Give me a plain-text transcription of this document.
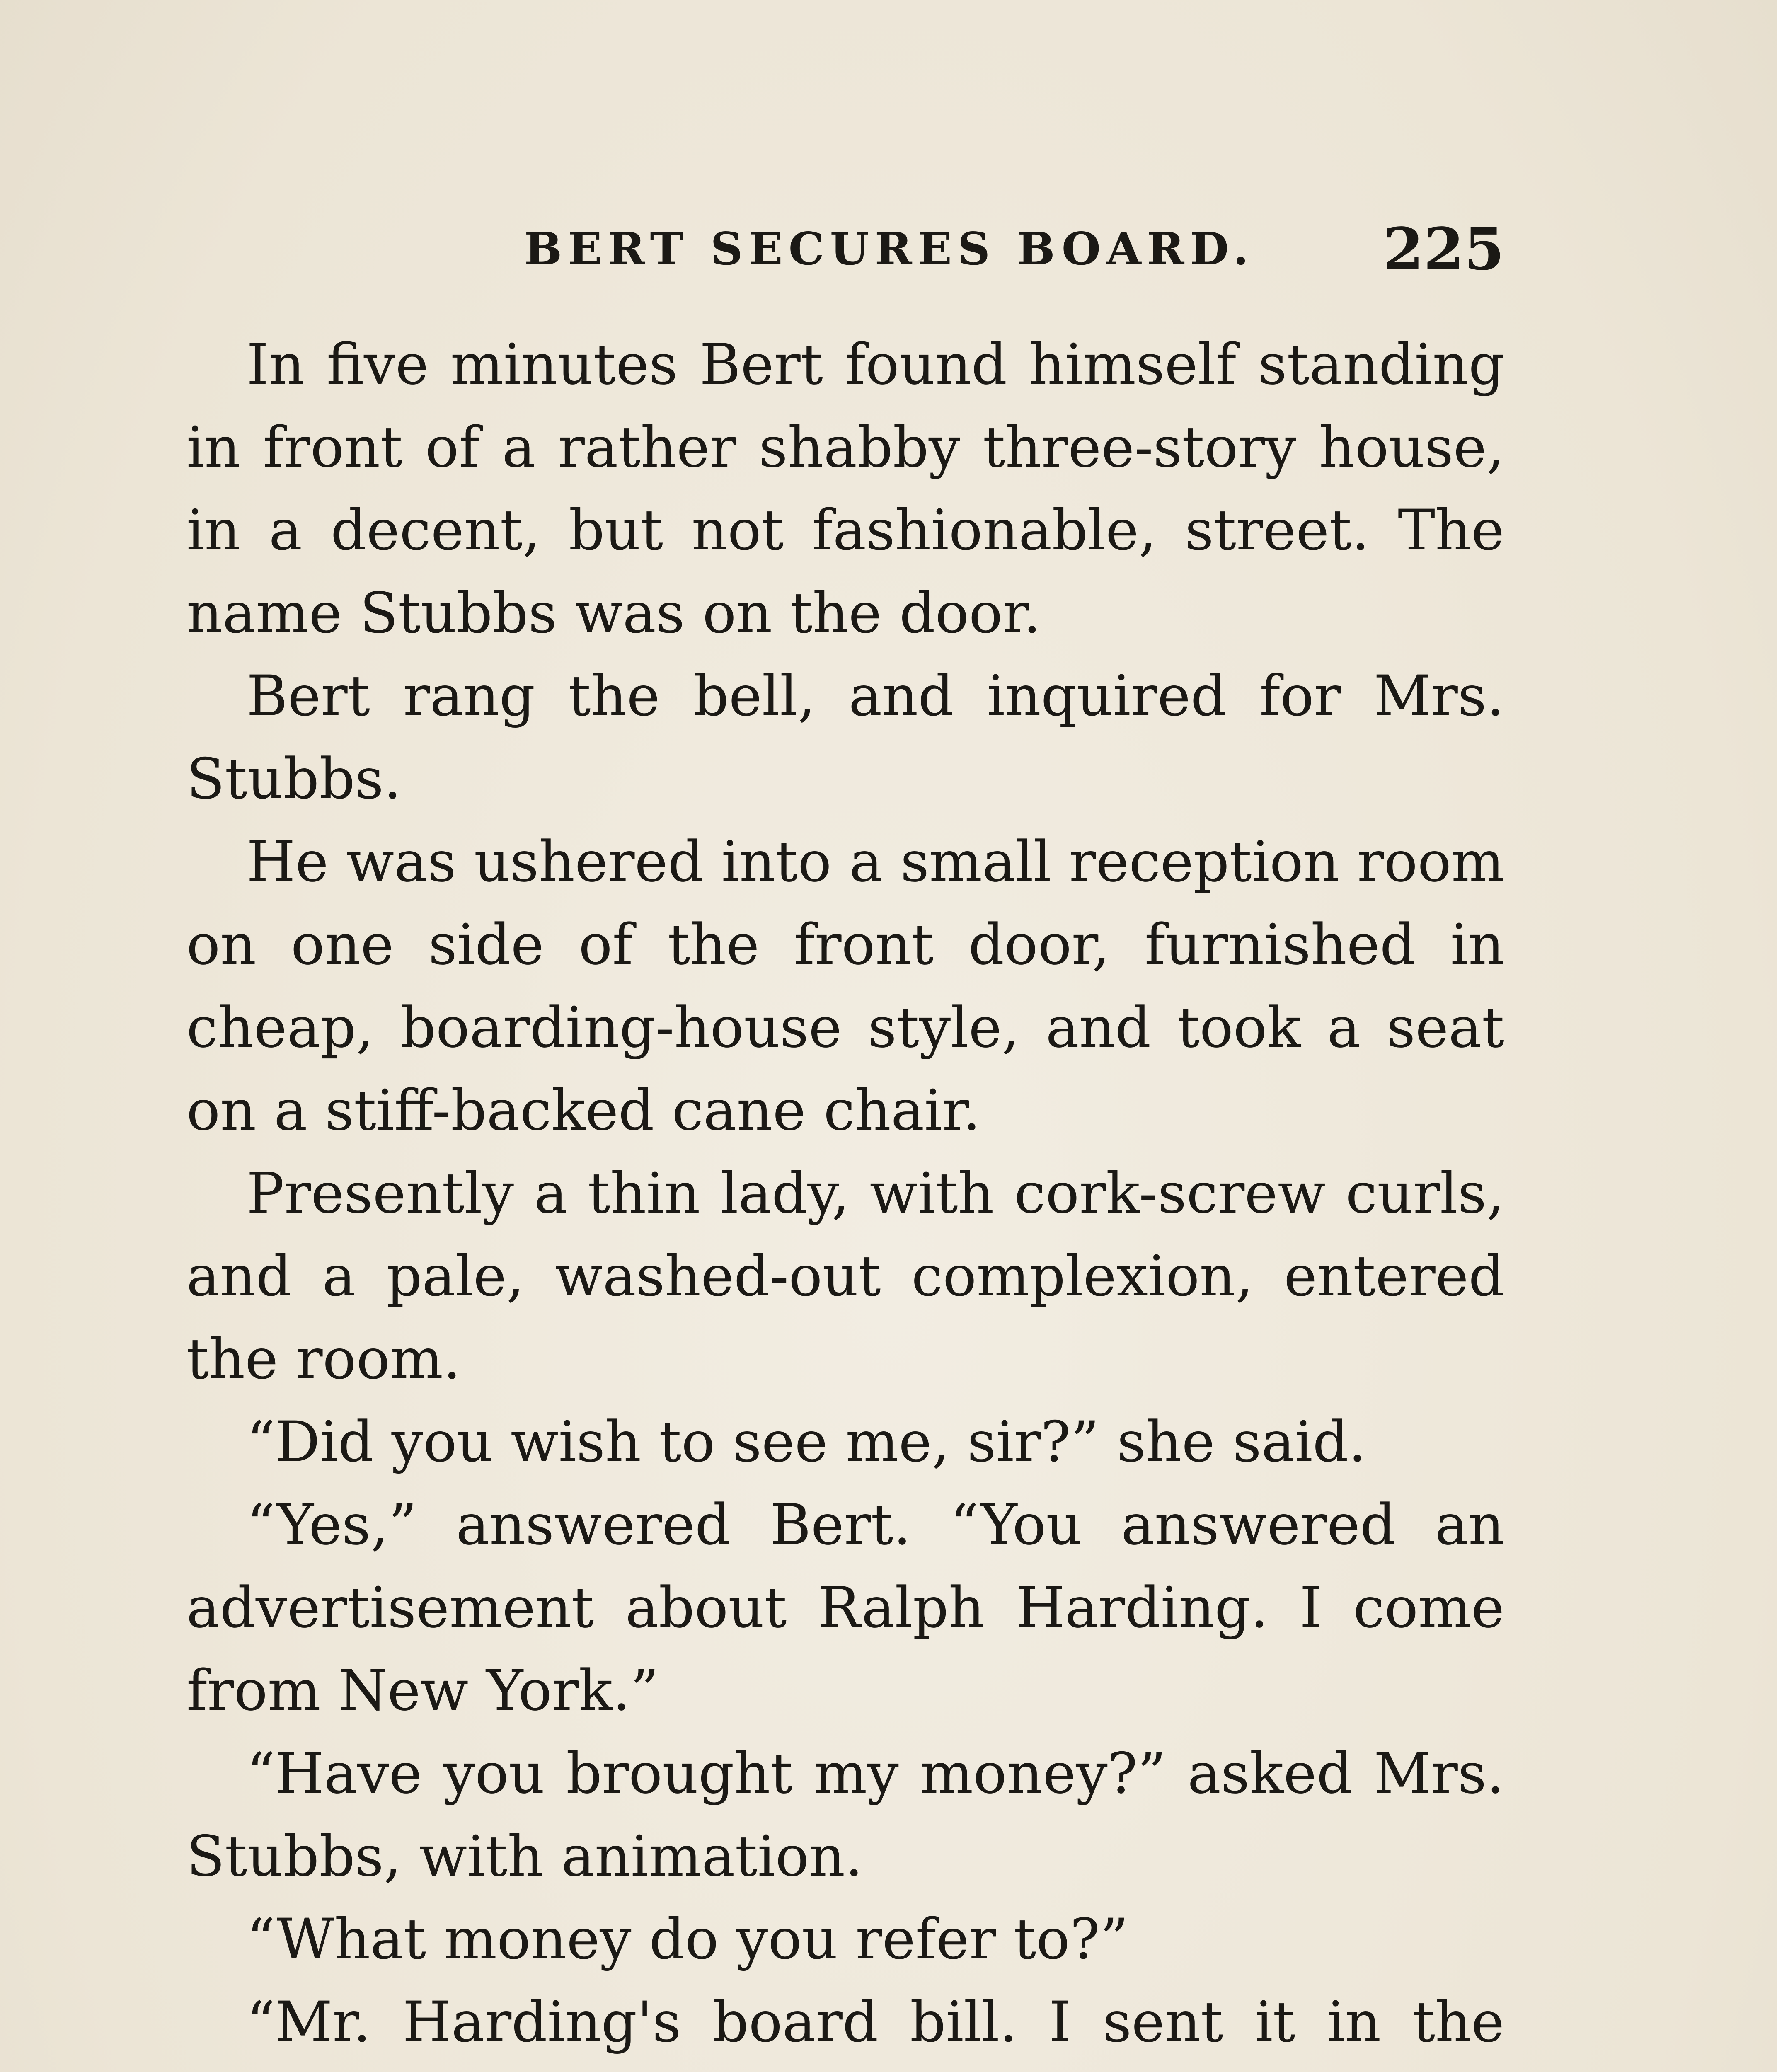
BERT SECURES BOARD. 225

In five minutes Bert found himself standing in front of a rather shabby three-story house, in a decent, but not fashionable, street. The name Stubbs was on the door.

Bert rang the bell, and inquired for Mrs. Stubbs.

He was ushered into a small reception room on one side of the front door, furnished in cheap, boarding-house style, and took a seat on a stiff-backed cane chair.

Presently a thin lady, with cork-screw curls, and a pale, washed-out complexion, entered the room.

“Did you wish to see me, sir?” she said.

“Yes,” answered Bert. “You answered an advertisement about Ralph Harding. I come from New York.”

“Have you brought my money?” asked Mrs. Stubbs, with animation.

“What money do you refer to?”

“Mr. Harding's board bill. I sent it in the
